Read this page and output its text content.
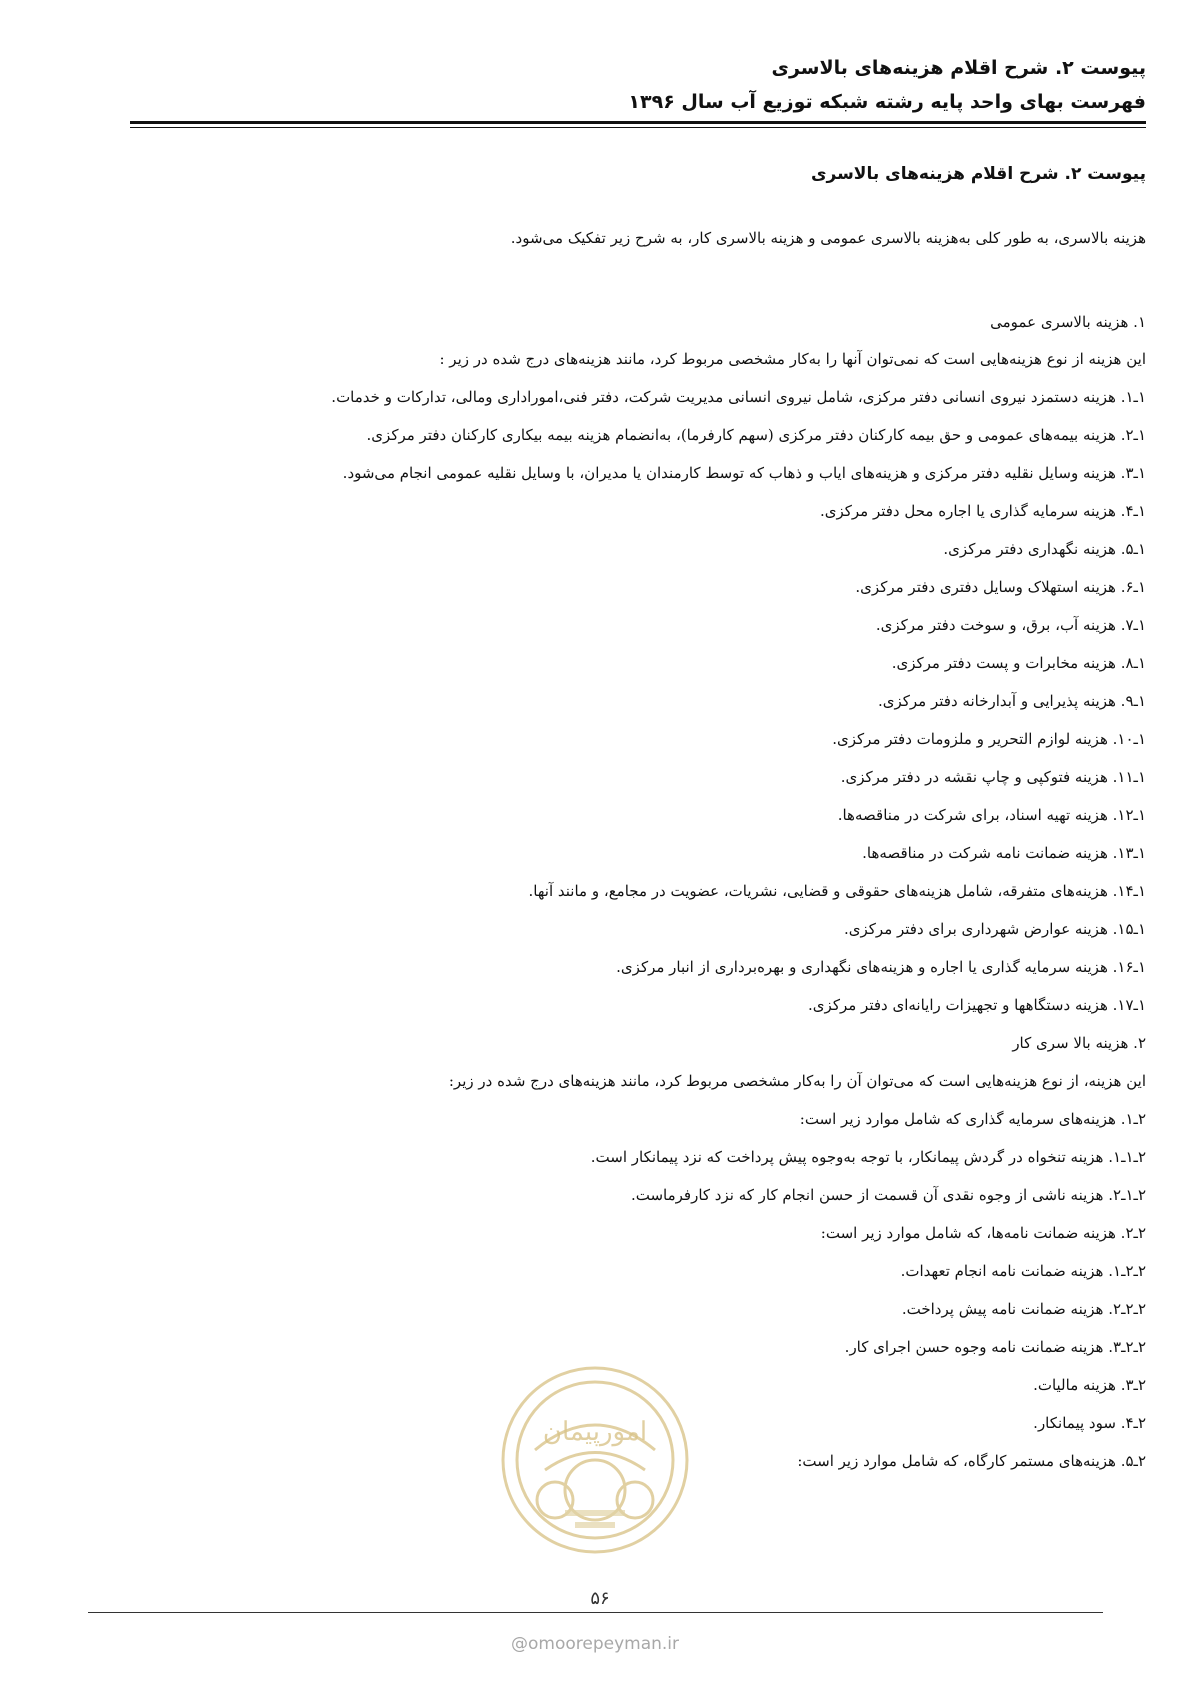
پیوست ۲. شرح اقلام هزینه‌های بالاسری
فهرست بهای واحد پایه رشته شبکه توزیع آب سال ۱۳۹۶
پیوست ۲. شرح اقلام هزینه‌های بالاسری
هزینه بالاسری، به طور کلی به‌هزینه بالاسری عمومی و هزینه بالاسری کار، به شرح زیر تفکیک می‌شود.
۱. هزینه بالاسری عمومی
این هزینه از نوع هزینه‌هایی است که نمی‌توان آنها را به‌کار مشخصی مربوط کرد، مانند هزینه‌های درج شده در زیر :
۱ـ۱. هزینه دستمزد نیروی انسانی دفتر مرکزی، شامل نیروی انسانی مدیریت شرکت، دفتر فنی،اموراداری ومالی، تدارکات و خدمات.
۱ـ۲. هزینه بیمه‌های عمومی و حق بیمه کارکنان دفتر مرکزی (سهم کارفرما)، به‌انضمام هزینه بیمه بیکاری کارکنان دفتر مرکزی.
۱ـ۳. هزینه وسایل نقلیه دفتر مرکزی و هزینه‌های ایاب و ذهاب که توسط کارمندان یا مدیران، با وسایل نقلیه عمومی انجام می‌شود.
۱ـ۴. هزینه سرمایه گذاری یا اجاره محل دفتر مرکزی.
۱ـ۵. هزینه نگهداری دفتر مرکزی.
۱ـ۶. هزینه استهلاک وسایل دفتری دفتر مرکزی.
۱ـ۷. هزینه آب، برق، و سوخت دفتر مرکزی.
۱ـ۸. هزینه مخابرات و پست دفتر مرکزی.
۱ـ۹. هزینه پذیرایی و آبدارخانه دفتر مرکزی.
۱ـ۱۰. هزینه لوازم التحریر و ملزومات دفتر مرکزی.
۱ـ۱۱. هزینه فتوکپی و چاپ نقشه در دفتر مرکزی.
۱ـ۱۲. هزینه تهیه اسناد، برای شرکت در مناقصه‌ها.
۱ـ۱۳. هزینه ضمانت نامه شرکت در مناقصه‌ها.
۱ـ۱۴. هزینه‌های متفرقه، شامل هزینه‌های حقوقی و قضایی، نشریات، عضویت در مجامع، و مانند آنها.
۱ـ۱۵. هزینه عوارض شهرداری برای دفتر مرکزی.
۱ـ۱۶. هزینه سرمایه گذاری یا اجاره و هزینه‌های نگهداری و بهره‌برداری از انبار مرکزی.
۱ـ۱۷. هزینه دستگاهها و تجهیزات رایانه‌ای دفتر مرکزی.
۲. هزینه بالا سری کار
این هزینه، از نوع هزینه‌هایی است که می‌توان آن را به‌کار مشخصی مربوط کرد، مانند هزینه‌های درج شده در زیر:
۲ـ۱. هزینه‌های سرمایه گذاری که شامل موارد زیر است:
۲ـ۱ـ۱. هزینه تنخواه در گردش پیمانکار، با توجه به‌وجوه پیش پرداخت که نزد پیمانکار است.
۲ـ۱ـ۲. هزینه ناشی از وجوه نقدی آن قسمت از حسن انجام کار که نزد کارفرماست.
۲ـ۲. هزینه ضمانت نامه‌ها، که شامل موارد زیر است:
۲ـ۲ـ۱. هزینه ضمانت نامه انجام تعهدات.
۲ـ۲ـ۲. هزینه ضمانت نامه پیش پرداخت.
۲ـ۲ـ۳. هزینه ضمانت نامه وجوه حسن اجرای کار.
۲ـ۳. هزینه مالیات.
۲ـ۴. سود پیمانکار.
۲ـ۵. هزینه‌های مستمر کارگاه، که شامل موارد زیر است:
امورپیمان
۵۶
@omoorepeyman.ir
